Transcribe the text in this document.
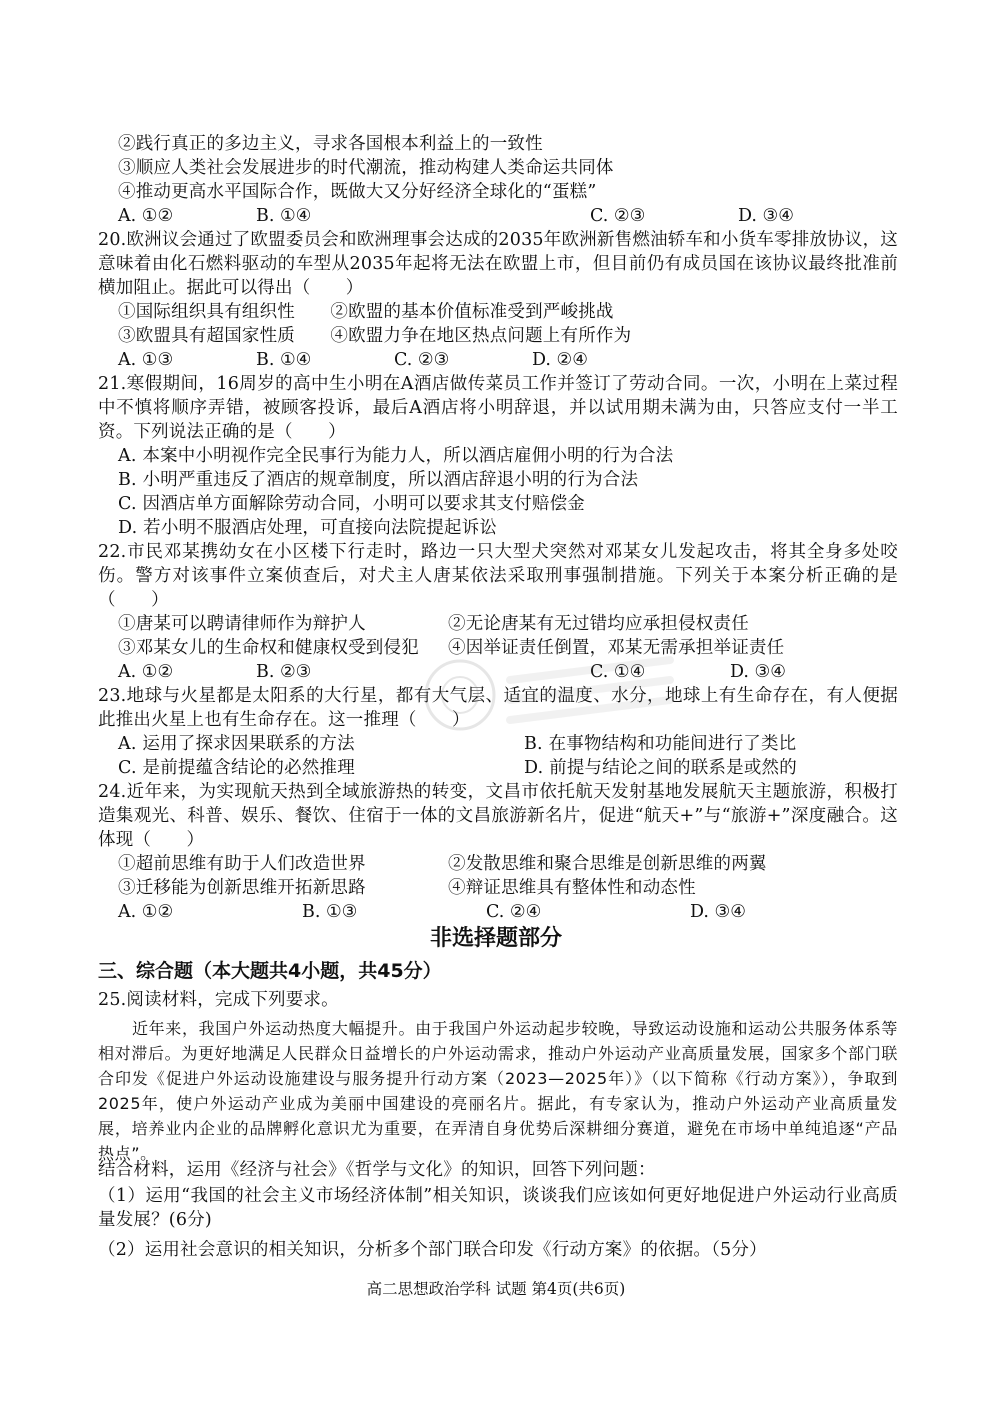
②践行真正的多边主义，寻求各国根本利益上的一致性
③顺应人类社会发展进步的时代潮流，推动构建人类命运共同体
④推动更高水平国际合作，既做大又分好经济全球化的“蛋糕”
A. ①②	B. ①④	C. ②③	D. ③④
20.欧洲议会通过了欧盟委员会和欧洲理事会达成的2035年欧洲新售燃油轿车和小货车零排放协议，这意味着由化石燃料驱动的车型从2035年起将无法在欧盟上市，但目前仍有成员国在该协议最终批准前横加阻止。据此可以得出（　　）
①国际组织具有组织性　　②欧盟的基本价值标准受到严峻挑战
③欧盟具有超国家性质　　④欧盟力争在地区热点问题上有所作为
A. ①③	B. ①④	C. ②③	D. ②④
21.寒假期间，16周岁的高中生小明在A酒店做传菜员工作并签订了劳动合同。一次，小明在上菜过程中不慎将顺序弄错，被顾客投诉，最后A酒店将小明辞退，并以试用期未满为由，只答应支付一半工资。下列说法正确的是（　　）
A. 本案中小明视作完全民事行为能力人，所以酒店雇佣小明的行为合法
B. 小明严重违反了酒店的规章制度，所以酒店辞退小明的行为合法
C. 因酒店单方面解除劳动合同，小明可以要求其支付赔偿金
D. 若小明不服酒店处理，可直接向法院提起诉讼
22.市民邓某携幼女在小区楼下行走时，路边一只大型犬突然对邓某女儿发起攻击，将其全身多处咬伤。警方对该事件立案侦查后，对犬主人唐某依法采取刑事强制措施。下列关于本案分析正确的是（　　）
①唐某可以聘请律师作为辩护人	②无论唐某有无过错均应承担侵权责任
③邓某女儿的生命权和健康权受到侵犯 ④因举证责任倒置，邓某无需承担举证责任
A. ①②	B. ②③	C. ①④	D. ③④
23.地球与火星都是太阳系的大行星，都有大气层、适宜的温度、水分，地球上有生命存在，有人便据此推出火星上也有生命存在。这一推理（　　）
A. 运用了探求因果联系的方法	B. 在事物结构和功能间进行了类比
C. 是前提蕴含结论的必然推理	D. 前提与结论之间的联系是或然的
24.近年来，为实现航天热到全域旅游热的转变，文昌市依托航天发射基地发展航天主题旅游，积极打造集观光、科普、娱乐、餐饮、住宿于一体的文昌旅游新名片，促进“航天+”与“旅游+”深度融合。这体现（　　）
①超前思维有助于人们改造世界	②发散思维和聚合思维是创新思维的两翼
③迁移能为创新思维开拓新思路	④辩证思维具有整体性和动态性
A. ①②	B. ①③	C. ②④	D. ③④
非选择题部分
三、综合题（本大题共4小题，共45分）
25.阅读材料，完成下列要求。
近年来，我国户外运动热度大幅提升。由于我国户外运动起步较晚，导致运动设施和运动公共服务体系等相对滞后。为更好地满足人民群众日益增长的户外运动需求，推动户外运动产业高质量发展，国家多个部门联合印发《促进户外运动设施建设与服务提升行动方案（2023—2025年）》（以下简称《行动方案》），争取到2025年，使户外运动产业成为美丽中国建设的亮丽名片。据此，有专家认为，推动户外运动产业高质量发展，培养业内企业的品牌孵化意识尤为重要，在弄清自身优势后深耕细分赛道，避免在市场中单纯追逐“产品热点”。
结合材料，运用《经济与社会》《哲学与文化》的知识，回答下列问题：
（1）运用“我国的社会主义市场经济体制”相关知识，谈谈我们应该如何更好地促进户外运动行业高质量发展？(6分)
（2）运用社会意识的相关知识，分析多个部门联合印发《行动方案》的依据。（5分）
高二思想政治学科 试题 第4页(共6页)
